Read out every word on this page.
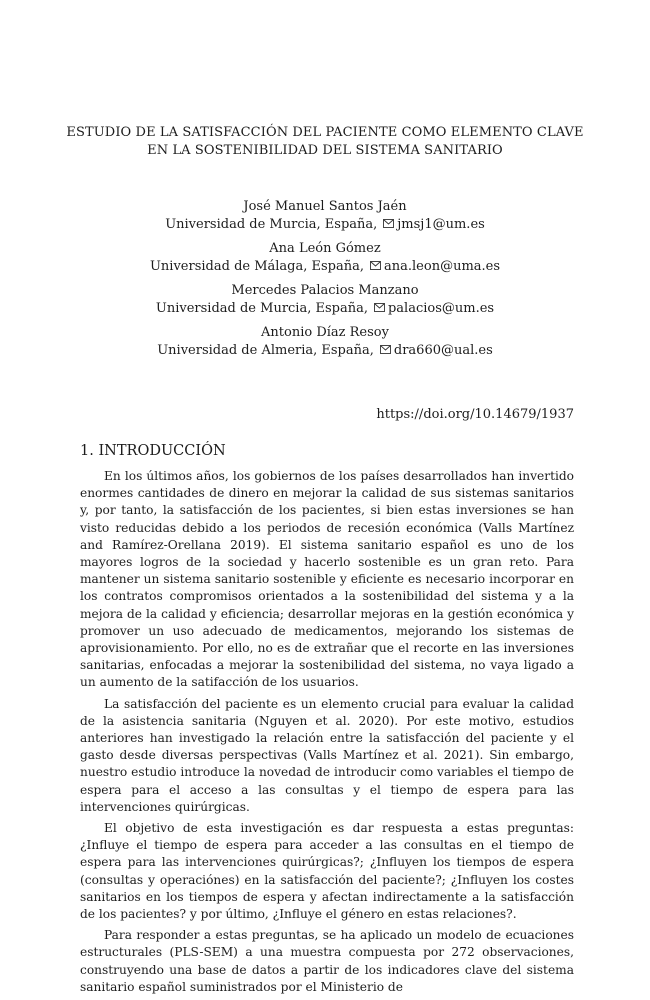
ESTUDIO DE LA SATISFACCIÓN DEL PACIENTE COMO ELEMENTO CLAVE
EN LA SOSTENIBILIDAD DEL SISTEMA SANITARIO
José Manuel Santos Jaén
Universidad de Murcia, España, jmsj1@um.es
Ana León Gómez
Universidad de Málaga, España, ana.leon@uma.es
Mercedes Palacios Manzano
Universidad de Murcia, España, palacios@um.es
Antonio Díaz Resoy
Universidad de Almeria, España, dra660@ual.es
https://doi.org/10.14679/1937
1. INTRODUCCIÓN

En los últimos años, los gobiernos de los países desarrollados han invertido enormes cantidades de dinero en mejorar la calidad de sus sistemas sanitarios y, por tanto, la satisfacción de los pacientes, si bien estas inversiones se han visto reducidas debido a los periodos de recesión económica (Valls Martínez and Ramírez-Orellana 2019). El sistema sanitario español es uno de los mayores logros de la sociedad y hacerlo sostenible es un gran reto. Para mantener un sistema sanitario sostenible y eficiente es necesario incorporar en los contratos compromisos orientados a la sostenibilidad del sistema y a la mejora de la calidad y eficiencia; desarrollar mejoras en la gestión económica y promover un uso adecuado de medicamentos, mejorando los sistemas de aprovisionamiento. Por ello, no es de extrañar que el recorte en las inversiones sanitarias, enfocadas a mejorar la sostenibilidad del sistema, no vaya ligado a un aumento de la satifacción de los usuarios.

La satisfacción del paciente es un elemento crucial para evaluar la calidad de la asistencia sanitaria (Nguyen et al. 2020). Por este motivo, estudios anteriores han investigado la relación entre la satisfacción del paciente y el gasto desde diversas perspectivas (Valls Martínez et al. 2021). Sin embargo, nuestro estudio introduce la novedad de introducir como variables el tiempo de espera para el acceso a las consultas y el tiempo de espera para las intervenciones quirúrgicas.

El objetivo de esta investigación es dar respuesta a estas preguntas: ¿Influye el tiempo de espera para acceder a las consultas en el tiempo de espera para las intervenciones quirúrgicas?; ¿Influyen los tiempos de espera (consultas y operaciónes) en la satisfacción del paciente?; ¿Influyen los costes sanitarios en los tiempos de espera y afectan indirectamente a la satisfacción de los pacientes? y por último, ¿Influye el género en estas relaciones?.

Para responder a estas preguntas, se ha aplicado un modelo de ecuaciones estructurales (PLS-SEM) a una muestra compuesta por 272 observaciones, construyendo una base de datos a partir de los indicadores clave del sistema sanitario español suministrados por el Ministerio de
